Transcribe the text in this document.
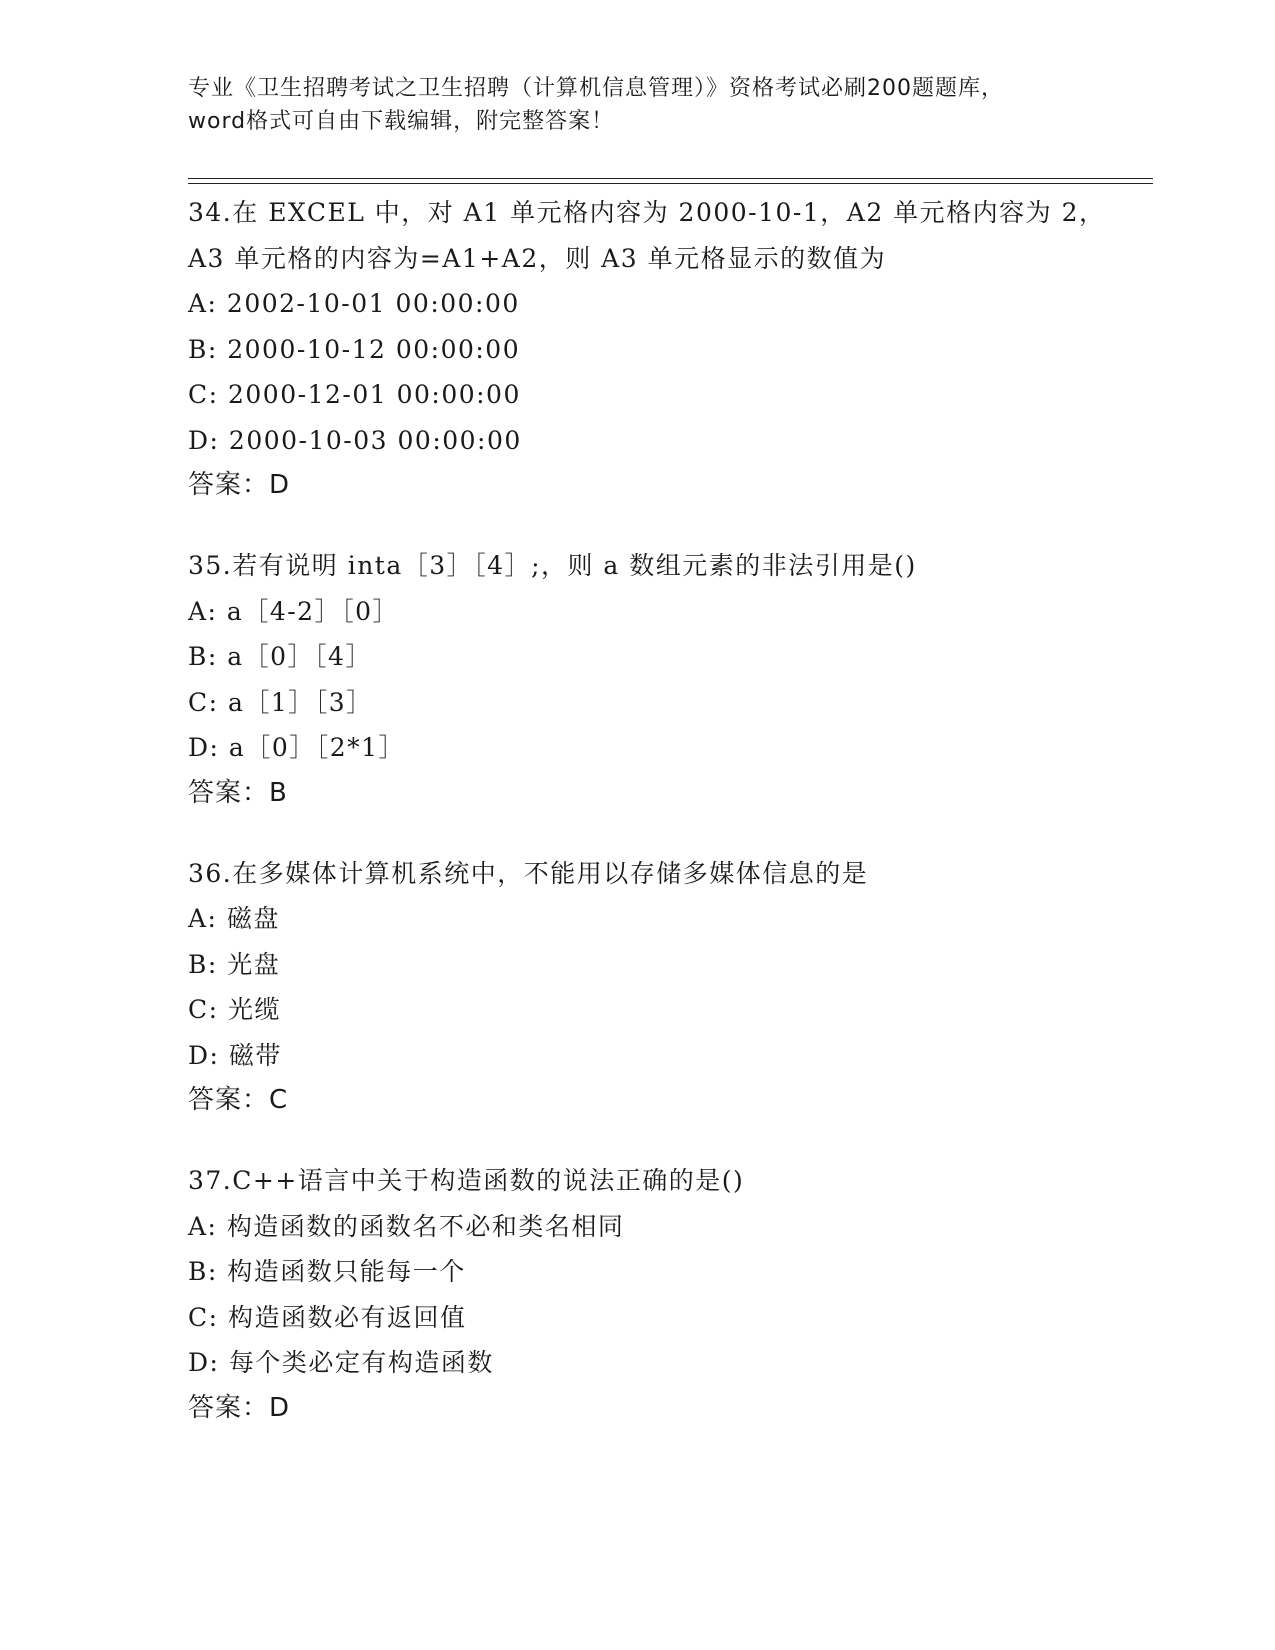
专业《卫生招聘考试之卫生招聘（计算机信息管理）》资格考试必刷200题题库，
word格式可自由下载编辑，附完整答案！
34.在 EXCEL 中，对 A1 单元格内容为 2000-10-1，A2 单元格内容为 2，
A3 单元格的内容为=A1+A2，则 A3 单元格显示的数值为
A: 2002-10-01 00:00:00
B: 2000-10-12 00:00:00
C: 2000-12-01 00:00:00
D: 2000-10-03 00:00:00
答案：D
35.若有说明 inta［3］［4］;，则 a 数组元素的非法引用是()
A: a［4-2］［0］
B: a［0］［4］
C: a［1］［3］
D: a［0］［2*1］
答案：B
36.在多媒体计算机系统中，不能用以存储多媒体信息的是
A: 磁盘
B: 光盘
C: 光缆
D: 磁带
答案：C
37.C++语言中关于构造函数的说法正确的是()
A: 构造函数的函数名不必和类名相同
B: 构造函数只能每一个
C: 构造函数必有返回值
D: 每个类必定有构造函数
答案：D
